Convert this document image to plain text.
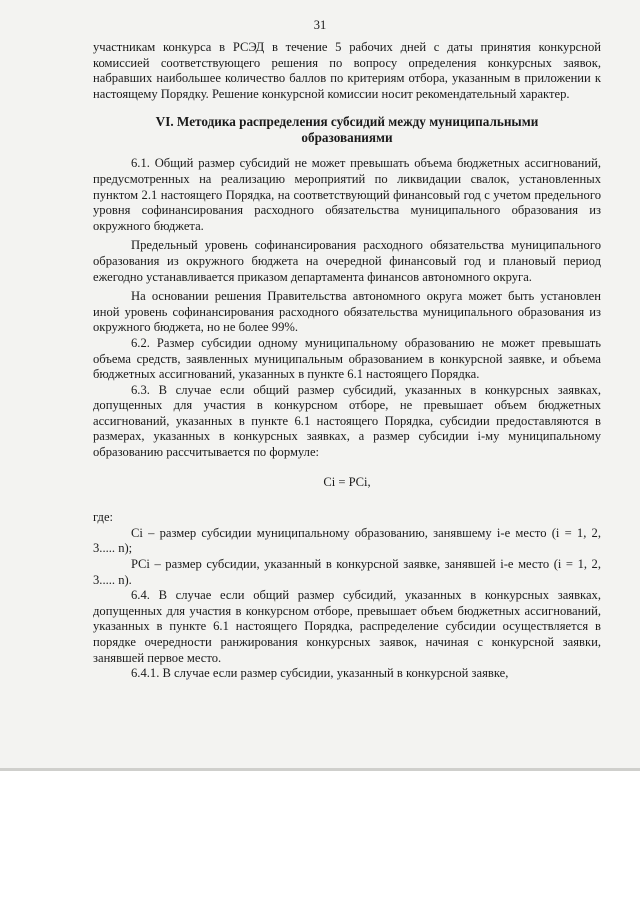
31

участникам конкурса в РСЭД в течение 5 рабочих дней с даты принятия конкурсной комиссией соответствующего решения по вопросу определения конкурсных заявок, набравших наибольшее количество баллов по критериям отбора, указанным в приложении к настоящему Порядку. Решение конкурсной комиссии носит рекомендательный характер.

VI. Методика распределения субсидий между муниципальными образованиями

6.1. Общий размер субсидий не может превышать объема бюджетных ассигнований, предусмотренных на реализацию мероприятий по ликвидации свалок, установленных пунктом 2.1 настоящего Порядка, на соответствующий финансовый год с учетом предельного уровня софинансирования расходного обязательства муниципального образования из окружного бюджета.

Предельный уровень софинансирования расходного обязательства муниципального образования из окружного бюджета на очередной финансовый год и плановый период ежегодно устанавливается приказом департамента финансов автономного округа.

На основании решения Правительства автономного округа может быть установлен иной уровень софинансирования расходного обязательства муниципального образования из окружного бюджета, но не более 99%.

6.2. Размер субсидии одному муниципальному образованию не может превышать объема средств, заявленных муниципальным образованием в конкурсной заявке, и объема бюджетных ассигнований, указанных в пункте 6.1 настоящего Порядка.

6.3. В случае если общий размер субсидий, указанных в конкурсных заявках, допущенных для участия в конкурсном отборе, не превышает объем бюджетных ассигнований, указанных в пункте 6.1 настоящего Порядка, субсидии предоставляются в размерах, указанных в конкурсных заявках, а размер субсидии i-му муниципальному образованию рассчитывается по формуле:

Ci = PCi,

где:

Ci – размер субсидии муниципальному образованию, занявшему i-е место (i = 1, 2, 3..... n);

PCi – размер субсидии, указанный в конкурсной заявке, занявшей i-е место (i = 1, 2, 3..... n).

6.4. В случае если общий размер субсидий, указанных в конкурсных заявках, допущенных для участия в конкурсном отборе, превышает объем бюджетных ассигнований, указанных в пункте 6.1 настоящего Порядка, распределение субсидии осуществляется в порядке очередности ранжирования конкурсных заявок, начиная с конкурсной заявки, занявшей первое место.

6.4.1. В случае если размер субсидии, указанный в конкурсной заявке,
